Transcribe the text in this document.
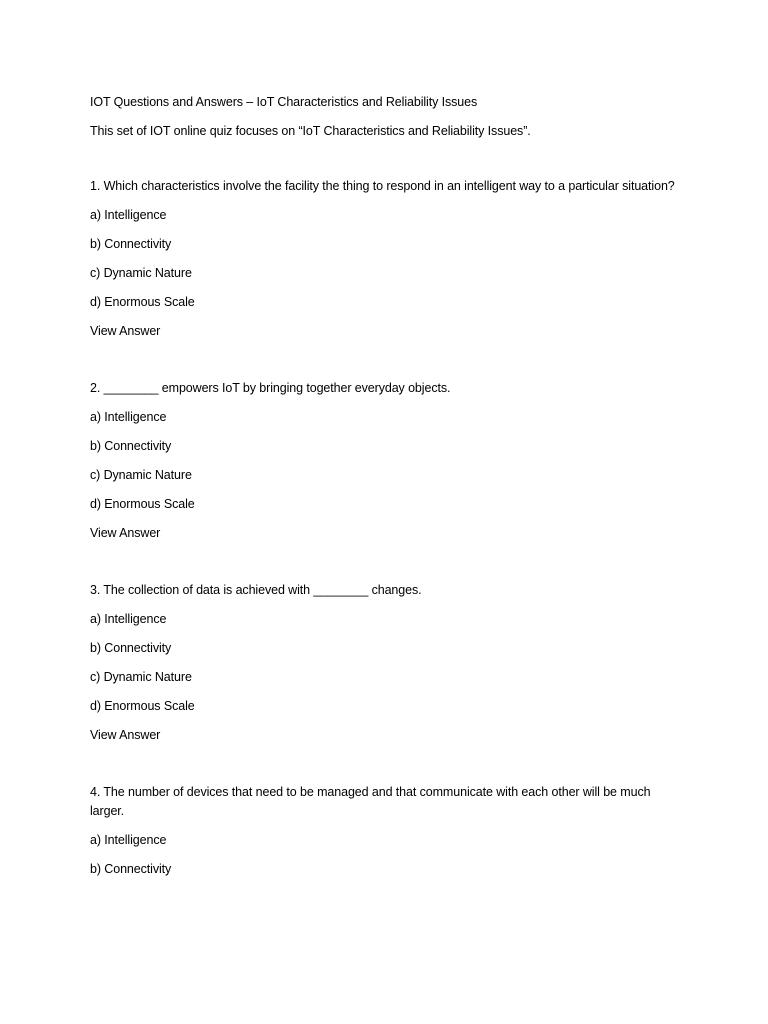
IOT Questions and Answers – IoT Characteristics and Reliability Issues

This set of IOT online quiz focuses on “IoT Characteristics and Reliability Issues”.

1. Which characteristics involve the facility the thing to respond in an intelligent way to a particular situation?

a) Intelligence

b) Connectivity

c) Dynamic Nature

d) Enormous Scale

View Answer

2. ________ empowers IoT by bringing together everyday objects.

a) Intelligence

b) Connectivity

c) Dynamic Nature

d) Enormous Scale

View Answer

3. The collection of data is achieved with ________ changes.

a) Intelligence

b) Connectivity

c) Dynamic Nature

d) Enormous Scale

View Answer

4. The number of devices that need to be managed and that communicate with each other will be much larger.

a) Intelligence

b) Connectivity
